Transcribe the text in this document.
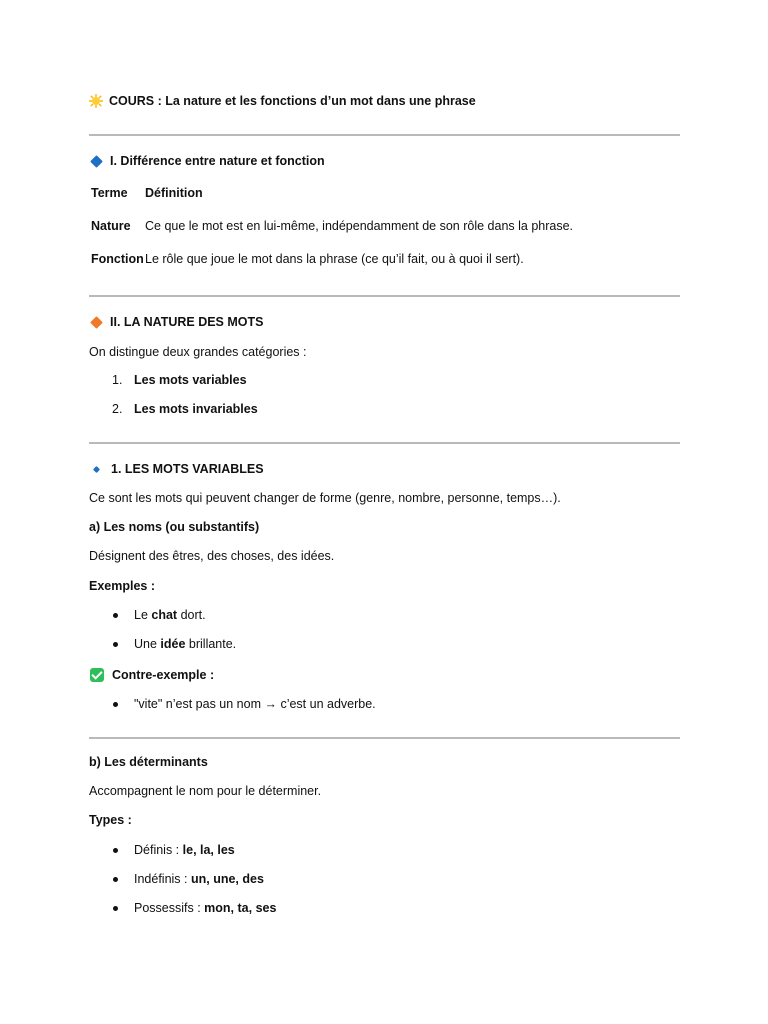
COURS : La nature et les fonctions d’un mot dans une phrase
I. Différence entre nature et fonction
Terme Définition
Nature Ce que le mot est en lui-même, indépendamment de son rôle dans la phrase.
Fonction Le rôle que joue le mot dans la phrase (ce qu’il fait, ou à quoi il sert).
II. LA NATURE DES MOTS
On distingue deux grandes catégories :
1. Les mots variables
2. Les mots invariables
1. LES MOTS VARIABLES
Ce sont les mots qui peuvent changer de forme (genre, nombre, personne, temps…).
a) Les noms (ou substantifs)
Désignent des êtres, des choses, des idées.
Exemples :
Le chat dort.
Une idée brillante.
Contre-exemple :
"vite" n’est pas un nom → c’est un adverbe.
b) Les déterminants
Accompagnent le nom pour le déterminer.
Types :
Définis : le, la, les
Indéfinis : un, une, des
Possessifs : mon, ta, ses
